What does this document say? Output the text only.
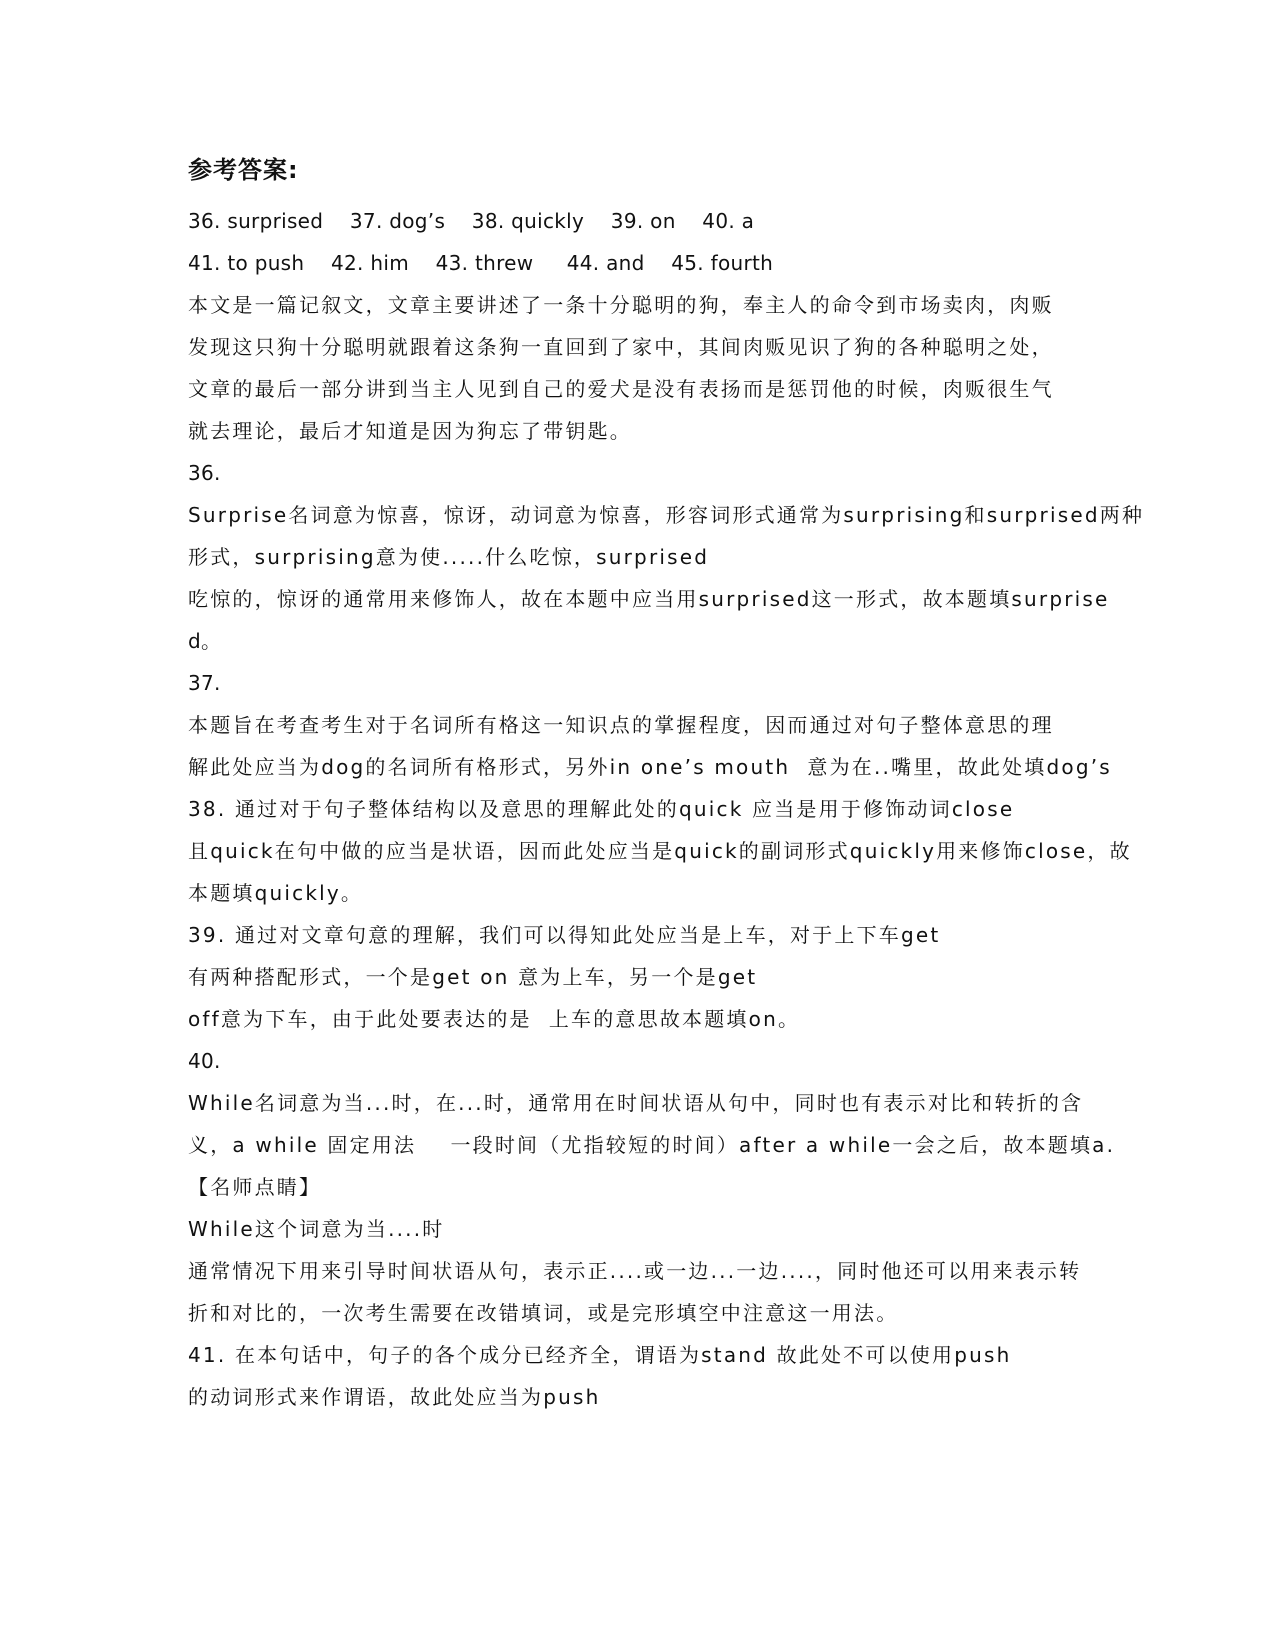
参考答案:
36. surprised    37. dog’s    38. quickly    39. on    40. a
41. to push    42. him    43. threw     44. and    45. fourth
本文是一篇记叙文，文章主要讲述了一条十分聪明的狗，奉主人的命令到市场卖肉，肉贩
发现这只狗十分聪明就跟着这条狗一直回到了家中，其间肉贩见识了狗的各种聪明之处，
文章的最后一部分讲到当主人见到自己的爱犬是没有表扬而是惩罚他的时候，肉贩很生气
就去理论，最后才知道是因为狗忘了带钥匙。
36.
Surprise名词意为惊喜，惊讶，动词意为惊喜，形容词形式通常为surprising和surprised两种
形式，surprising意为使.....什么吃惊，surprised
吃惊的，惊讶的通常用来修饰人，故在本题中应当用surprised这一形式，故本题填surprise
d。
37.
本题旨在考查考生对于名词所有格这一知识点的掌握程度，因而通过对句子整体意思的理
解此处应当为dog的名词所有格形式，另外in one’s mouth  意为在..嘴里，故此处填dog’s
38. 通过对于句子整体结构以及意思的理解此处的quick 应当是用于修饰动词close
且quick在句中做的应当是状语，因而此处应当是quick的副词形式quickly用来修饰close，故
本题填quickly。
39. 通过对文章句意的理解，我们可以得知此处应当是上车，对于上下车get
有两种搭配形式，一个是get on 意为上车，另一个是get
off意为下车，由于此处要表达的是  上车的意思故本题填on。
40.
While名词意为当...时，在...时，通常用在时间状语从句中，同时也有表示对比和转折的含
义，a while 固定用法    一段时间（尤指较短的时间）after a while一会之后，故本题填a.
【名师点睛】
While这个词意为当....时
通常情况下用来引导时间状语从句，表示正....或一边...一边....，同时他还可以用来表示转
折和对比的，一次考生需要在改错填词，或是完形填空中注意这一用法。
41. 在本句话中，句子的各个成分已经齐全，谓语为stand 故此处不可以使用push
的动词形式来作谓语，故此处应当为push
